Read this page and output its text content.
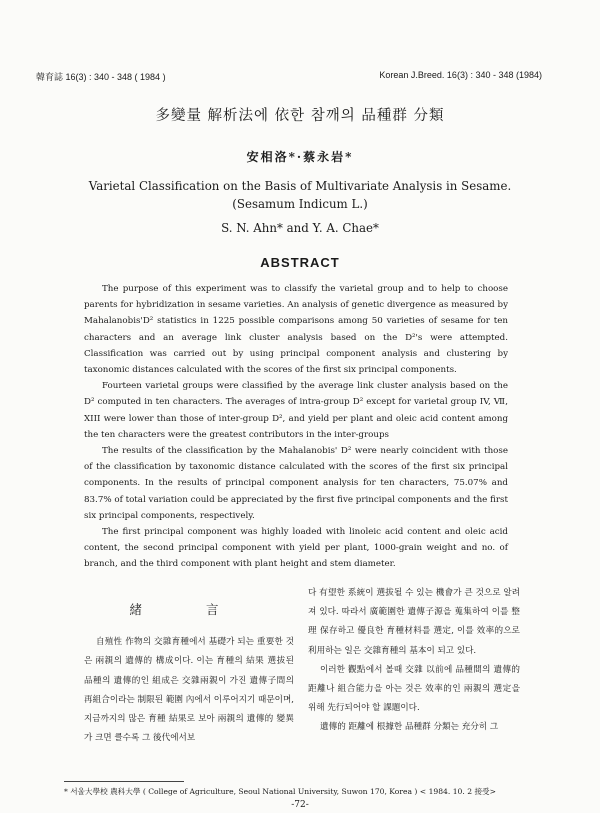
韓育誌 16(3) : 340 - 348 ( 1984 )	Korean J.Breed. 16(3) : 340 - 348 (1984)
多變量 解析法에 依한 참깨의 品種群 分類
安相洛*·蔡永岩*
Varietal Classification on the Basis of Multivariate Analysis in Sesame.
(Sesamum Indicum L.)
S. N. Ahn* and Y. A. Chae*
ABSTRACT

The purpose of this experiment was to classify the varietal group and to help to choose parents for hybridization in sesame varieties. An analysis of genetic divergence as measured by Mahalanobis'D² statistics in 1225 possible comparisons among 50 varieties of sesame for ten characters and an average link cluster analysis based on the D²'s were attempted. Classification was carried out by using principal component analysis and clustering by taxonomic distances calculated with the scores of the first six principal components.

Fourteen varietal groups were classified by the average link cluster analysis based on the D² computed in ten characters. The averages of intra-group D² except for varietal group IV, Ⅶ, XIII were lower than those of inter-group D², and yield per plant and oleic acid content among the ten characters were the greatest contributors in the inter-groups

The results of the classification by the Mahalanobis' D² were nearly coincident with those of the classification by taxonomic distance calculated with the scores of the first six principal components. In the results of principal component analysis for ten characters, 75.07% and 83.7% of total variation could be appreciated by the first five principal components and the first six principal components, respectively.

The first principal component was highly loaded with linoleic acid content and oleic acid content, the second principal component with yield per plant, 1000-grain weight and no. of branch, and the third component with plant height and stem diameter.

緒 言

自殖性 作物의 交雜育種에서 基礎가 되는 重要한 것은 兩親의 遺傳的 構成이다. 이는 育種의 結果 選拔된 品種의 遺傳的인 組成은 交雜兩親이 가진 遺傳子間의 再組合이라는 制限된 範圍 內에서 이루어지기 때문이며, 지금까지의 많은 育種 結果로 보아 兩親의 遺傳的 變異가 크면 클수록 그 後代에서보

다 有望한 系統이 選拔될 수 있는 機會가 큰 것으로 알려져 있다. 따라서 廣範圍한 遺傳子源을 蒐集하여 이를 整理 保存하고 優良한 育種材料를 選定, 이를 效率的으로 利用하는 일은 交雜育種의 基本이 되고 있다.

이러한 觀點에서 볼때 交雜 以前에 品種間의 遺傳的 距離나 組合能力을 아는 것은 效率的인 兩親의 選定을 위해 先行되어야 할 課題이다.

遺傳的 距離에 根據한 品種群 分類는 充分히 그

* 서울大學校 農科大學 ( College of Agriculture, Seoul National University, Suwon 170, Korea ) < 1984. 10. 2 接受>
-72-
